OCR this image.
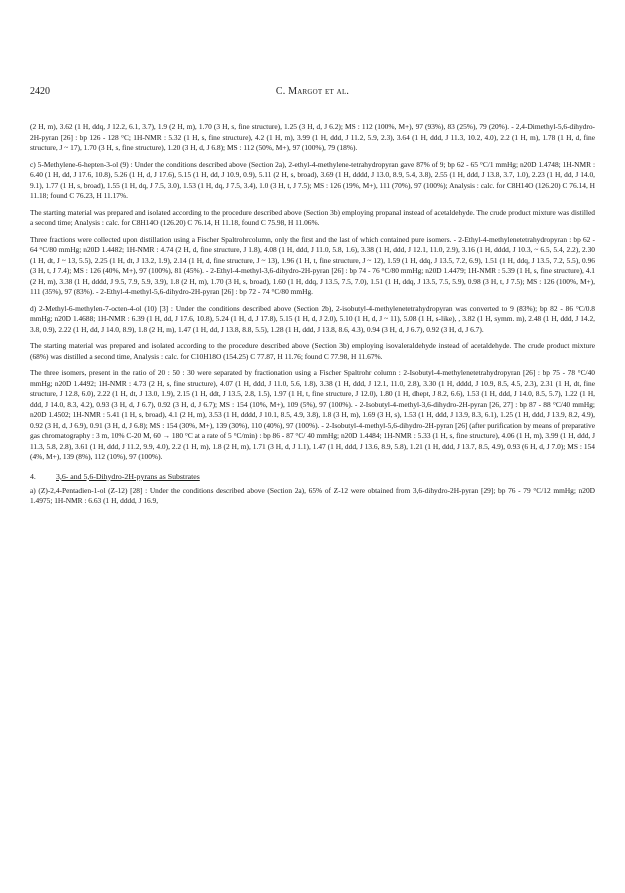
2420	C. Margot et al.

(2 H, m), 3.62 (1 H, ddq, J 12.2, 6.1, 3.7), 1.9 (2 H, m), 1.70 (3 H, s, fine structure), 1.25 (3 H, d, J 6.2); MS : 112 (100%, M+), 97 (93%), 83 (25%), 79 (20%). - 2,4-Dimethyl-5,6-dihydro-2H-pyran [26] : bp 126 - 128 °C; 1H-NMR : 5.32 (1 H, s, fine structure), 4.2 (1 H, m), 3.99 (1 H, ddd, J 11.2, 5.9, 2.3), 3.64 (1 H, ddd, J 11.3, 10.2, 4.0), 2.2 (1 H, m), 1.78 (1 H, d, fine structure, J ~ 17), 1.70 (3 H, s, fine structure), 1.20 (3 H, d, J 6.8); MS : 112 (50%, M+), 97 (100%), 79 (18%).

c) 5-Methylene-6-hepten-3-ol (9) : Under the conditions described above (Section 2a), 2-ethyl-4-methylene-tetrahydropyran gave 87% of 9; bp 62 - 65 °C/1 mmHg; n20D 1.4748; 1H-NMR : 6.40 (1 H, dd, J 17.6, 10.8), 5.26 (1 H, d, J 17.6), 5.15 (1 H, dd, J 10.9, 0.9), 5.11 (2 H, s, broad), 3.69 (1 H, dddd, J 13.0, 8.9, 5.4, 3.8), 2.55 (1 H, ddd, J 13.8, 3.7, 1.0), 2.23 (1 H, dd, J 14.0, 9.1), 1.77 (1 H, s, broad), 1.55 (1 H, dq, J 7.5, 3.0), 1.53 (1 H, dq, J 7.5, 3.4), 1.0 (3 H, t, J 7.5); MS : 126 (19%, M+), 111 (70%), 97 (100%); Analysis : calc. for C8H14O (126.20) C 76.14, H 11.18; found C 76.23, H 11.17%.

The starting material was prepared and isolated according to the procedure described above (Section 3b) employing propanal instead of acetaldehyde. The crude product mixture was distilled a second time; Analysis : calc. for C8H14O (126.20) C 76.14, H 11.18, found C 75.98, H 11.06%.

Three fractions were collected upon distillation using a Fischer Spaltrohrcolumn, only the first and the last of which contained pure isomers. - 2-Ethyl-4-methylenetetrahydropyran : bp 62 - 64 °C/80 mmHg; n20D 1.4482; 1H-NMR : 4.74 (2 H, d, fine structure, J 1.8), 4.08 (1 H, ddd, J 11.0, 5.8, 1.6), 3.38 (1 H, ddd, J 12.1, 11.0, 2.9), 3.16 (1 H, dddd, J 10.3, ~ 6.5, 5.4, 2.2), 2.30 (1 H, dt, J ~ 13, 5.5), 2.25 (1 H, dt, J 13.2, 1.9), 2.14 (1 H, d, fine structure, J ~ 13), 1.96 (1 H, t, fine structure, J ~ 12), 1.59 (1 H, ddq, J 13.5, 7.2, 6.9), 1.51 (1 H, ddq, J 13.5, 7.2, 5.5), 0.96 (3 H, t, J 7.4); MS : 126 (40%, M+), 97 (100%), 81 (45%). - 2-Ethyl-4-methyl-3,6-dihydro-2H-pyran [26] : bp 74 - 76 °C/80 mmHg; n20D 1.4479; 1H-NMR : 5.39 (1 H, s, fine structure), 4.1 (2 H, m), 3.38 (1 H, dddd, J 9.5, 7.9, 5.9, 3.9), 1.8 (2 H, m), 1.70 (3 H, s, broad), 1.60 (1 H, ddq, J 13.5, 7.5, 7.0), 1.51 (1 H, ddq, J 13.5, 7.5, 5.9), 0.98 (3 H, t, J 7.5); MS : 126 (100%, M+), 111 (35%), 97 (83%). - 2-Ethyl-4-methyl-5,6-dihydro-2H-pyran [26] : bp 72 - 74 °C/80 mmHg.

d) 2-Methyl-6-methylen-7-octen-4-ol (10) [3] : Under the conditions described above (Section 2b), 2-isobutyl-4-methylenetetrahydropyran was converted to 9 (83%); bp 82 - 86 °C/0.8 mmHg; n20D 1.4688; 1H-NMR : 6.39 (1 H, dd, J 17.6, 10.8), 5.24 (1 H, d, J 17.8), 5.15 (1 H, d, J 2.0), 5.10 (1 H, d, J ~ 11), 5.08 (1 H, s-like), , 3.82 (1 H, symm. m), 2.48 (1 H, ddd, J 14.2, 3.8, 0.9), 2.22 (1 H, dd, J 14.0, 8.9), 1.8 (2 H, m), 1.47 (1 H, dd, J 13.8, 8.8, 5.5), 1.28 (1 H, ddd, J 13.8, 8.6, 4.3), 0.94 (3 H, d, J 6.7), 0.92 (3 H, d, J 6.7).

The starting material was prepared and isolated according to the procedure described above (Section 3b) employing isovaleraldehyde instead of acetaldehyde. The crude product mixture (68%) was distilled a second time, Analysis : calc. for C10H18O (154.25) C 77.87, H 11.76; found C 77.98, H 11.67%.

The three isomers, present in the ratio of 20 : 50 : 30 were separated by fractionation using a Fischer Spaltrohr column : 2-Isobutyl-4-methylenetetrahydropyran [26] : bp 75 - 78 °C/40 mmHg; n20D 1.4492; 1H-NMR : 4.73 (2 H, s, fine structure), 4.07 (1 H, ddd, J 11.0, 5.6, 1.8), 3.38 (1 H, ddd, J 12.1, 11.0, 2.8), 3.30 (1 H, dddd, J 10.9, 8.5, 4.5, 2.3), 2.31 (1 H, dt, fine structure, J 12.8, 6.0), 2.22 (1 H, dt, J 13.0, 1.9), 2.15 (1 H, ddt, J 13.5, 2.8, 1.5), 1.97 (1 H, t, fine structure, J 12.0), 1.80 (1 H, dhept, J 8.2, 6.6), 1.53 (1 H, ddd, J 14.0, 8.5, 5.7), 1.22 (1 H, ddd, J 14.0, 8.3, 4.2), 0.93 (3 H, d, J 6.7), 0.92 (3 H, d, J 6.7); MS : 154 (10%, M+), 109 (5%), 97 (100%). - 2-Isobutyl-4-methyl-3,6-dihydro-2H-pyran [26, 27] : bp 87 - 88 °C/40 mmHg; n20D 1.4502; 1H-NMR : 5.41 (1 H, s, broad), 4.1 (2 H, m), 3.53 (1 H, dddd, J 10.1, 8.5, 4.9, 3.8), 1.8 (3 H, m), 1.69 (3 H, s), 1.53 (1 H, ddd, J 13.9, 8.3, 6.1), 1.25 (1 H, ddd, J 13.9, 8.2, 4.9), 0.92 (3 H, d, J 6.9), 0.91 (3 H, d, J 6.8); MS : 154 (30%, M+), 139 (30%), 110 (40%), 97 (100%). - 2-Isobutyl-4-methyl-5,6-dihydro-2H-pyran [26] (after purification by means of preparative gas chromatography : 3 m, 10% C-20 M, 60 → 180 °C at a rate of 5 °C/min) : bp 86 - 87 °C/ 40 mmHg; n20D 1.4484; 1H-NMR : 5.33 (1 H, s, fine structure), 4.06 (1 H, m), 3.99 (1 H, ddd, J 11.3, 5.8, 2.8), 3.61 (1 H, ddd, J 11.2, 9.9, 4.0), 2.2 (1 H, m), 1.8 (2 H, m), 1.71 (3 H, d, J 1.1), 1.47 (1 H, ddd, J 13.6, 8.9, 5.8), 1.21 (1 H, ddd, J 13.7, 8.5, 4.9), 0.93 (6 H, d, J 7.0); MS : 154 (4%, M+), 139 (8%), 112 (10%), 97 (100%).

4.	3,6- and 5,6-Dihydro-2H-pyrans as Substrates

a) (Z)-2,4-Pentadien-1-ol (Z-12) [28] : Under the conditions described above (Section 2a), 65% of Z-12 were obtained from 3,6-dihydro-2H-pyran [29]; bp 76 - 79 °C/12 mmHg; n20D 1.4975; 1H-NMR : 6.63 (1 H, dddd, J 16.9,
